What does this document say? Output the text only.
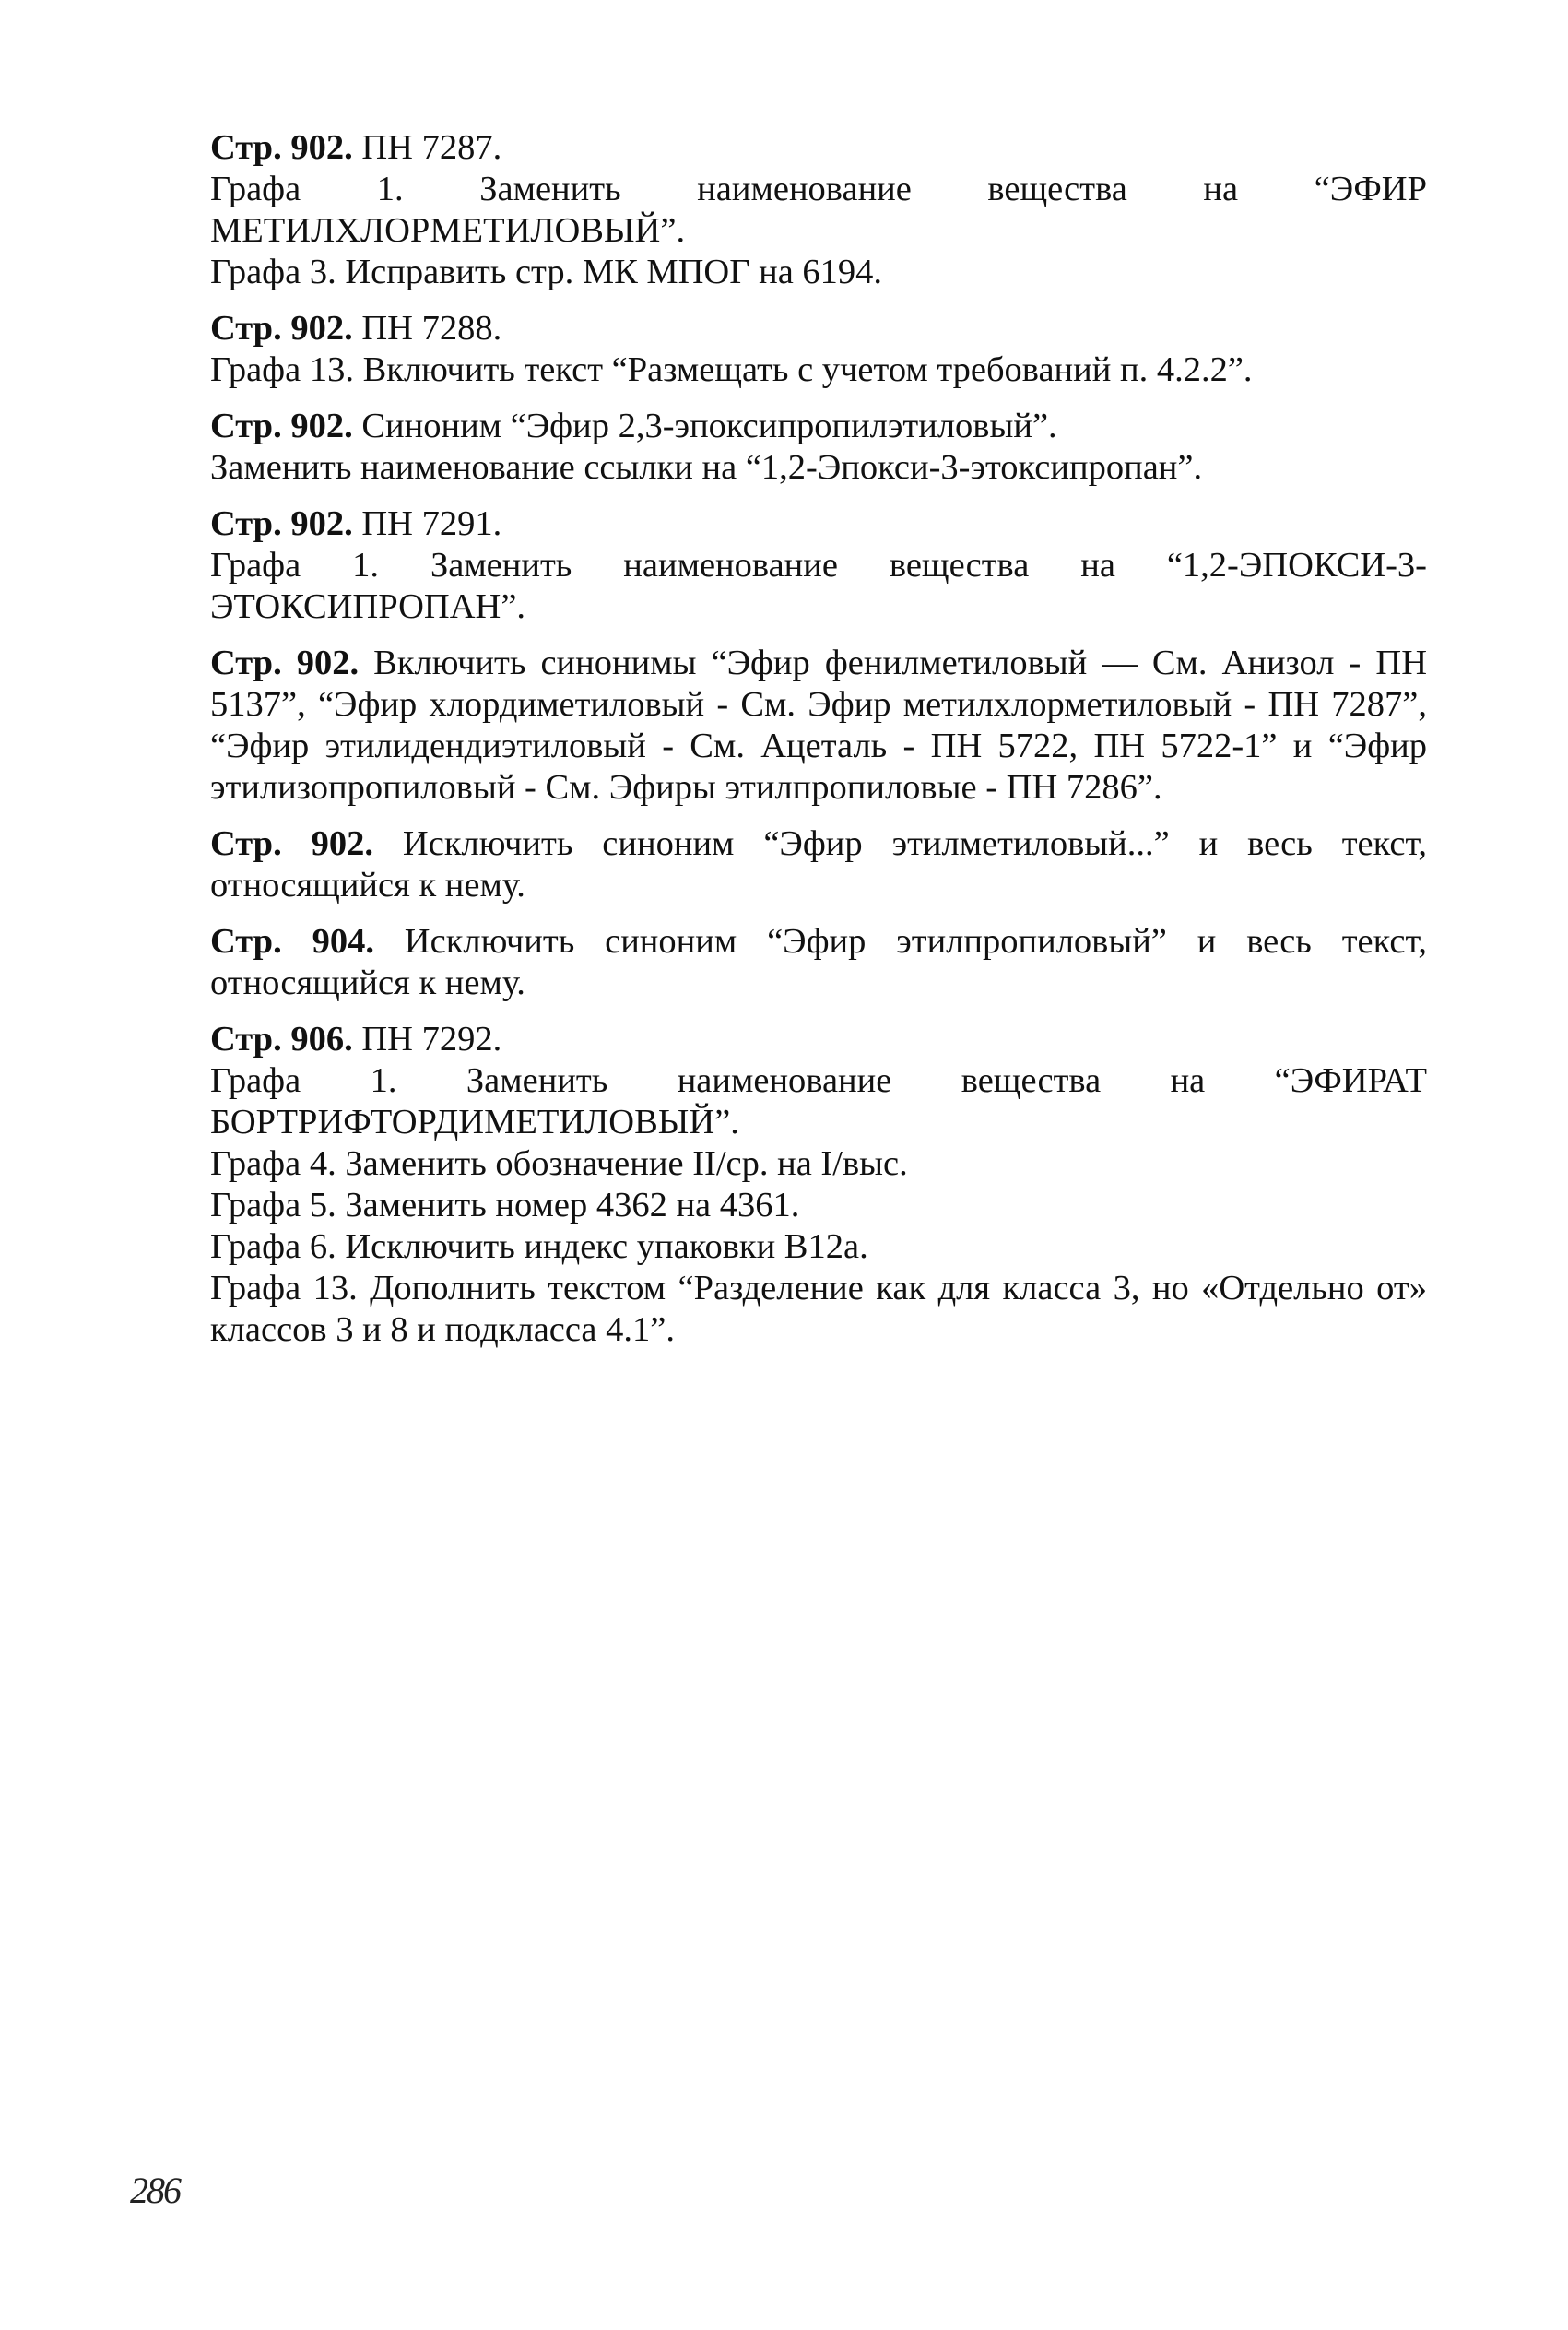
Стр. 902. ПН 7287.

Графа 1. Заменить наименование вещества на “ЭФИР МЕТИЛХЛОРМЕТИЛОВЫЙ”.

Графа 3. Исправить стр. МК МПОГ на 6194.

Стр. 902. ПН 7288.

Графа 13. Включить текст “Размещать с учетом требований п. 4.2.2”.

Стр. 902. Синоним “Эфир 2,3-эпоксипропилэтиловый”.

Заменить наименование ссылки на “1,2-Эпокси-3-этоксипропан”.

Стр. 902. ПН 7291.

Графа 1. Заменить наименование вещества на “1,2-ЭПОКСИ-3-ЭТОКСИПРОПАН”.

Стр. 902. Включить синонимы “Эфир фенилметиловый — См. Анизол - ПН 5137”, “Эфир хлордиметиловый - См. Эфир метилхлорметиловый - ПН 7287”, “Эфир этилидендиэтиловый - См. Ацеталь - ПН 5722, ПН 5722-1” и “Эфир этилизопропиловый - См. Эфиры этилпропиловые - ПН 7286”.

Стр. 902. Исключить синоним “Эфир этилметиловый...” и весь текст, относящийся к нему.

Стр. 904. Исключить синоним “Эфир этилпропиловый” и весь текст, относящийся к нему.

Стр. 906. ПН 7292.

Графа 1. Заменить наименование вещества на “ЭФИРАТ БОРТРИФТОРДИМЕТИЛОВЫЙ”.

Графа 4. Заменить обозначение II/ср. на I/выс.

Графа 5. Заменить номер 4362 на 4361.

Графа 6. Исключить индекс упаковки В12а.

Графа 13. Дополнить текстом “Разделение как для класса 3, но «Отдельно от» классов 3 и 8 и подкласса 4.1”.

286
